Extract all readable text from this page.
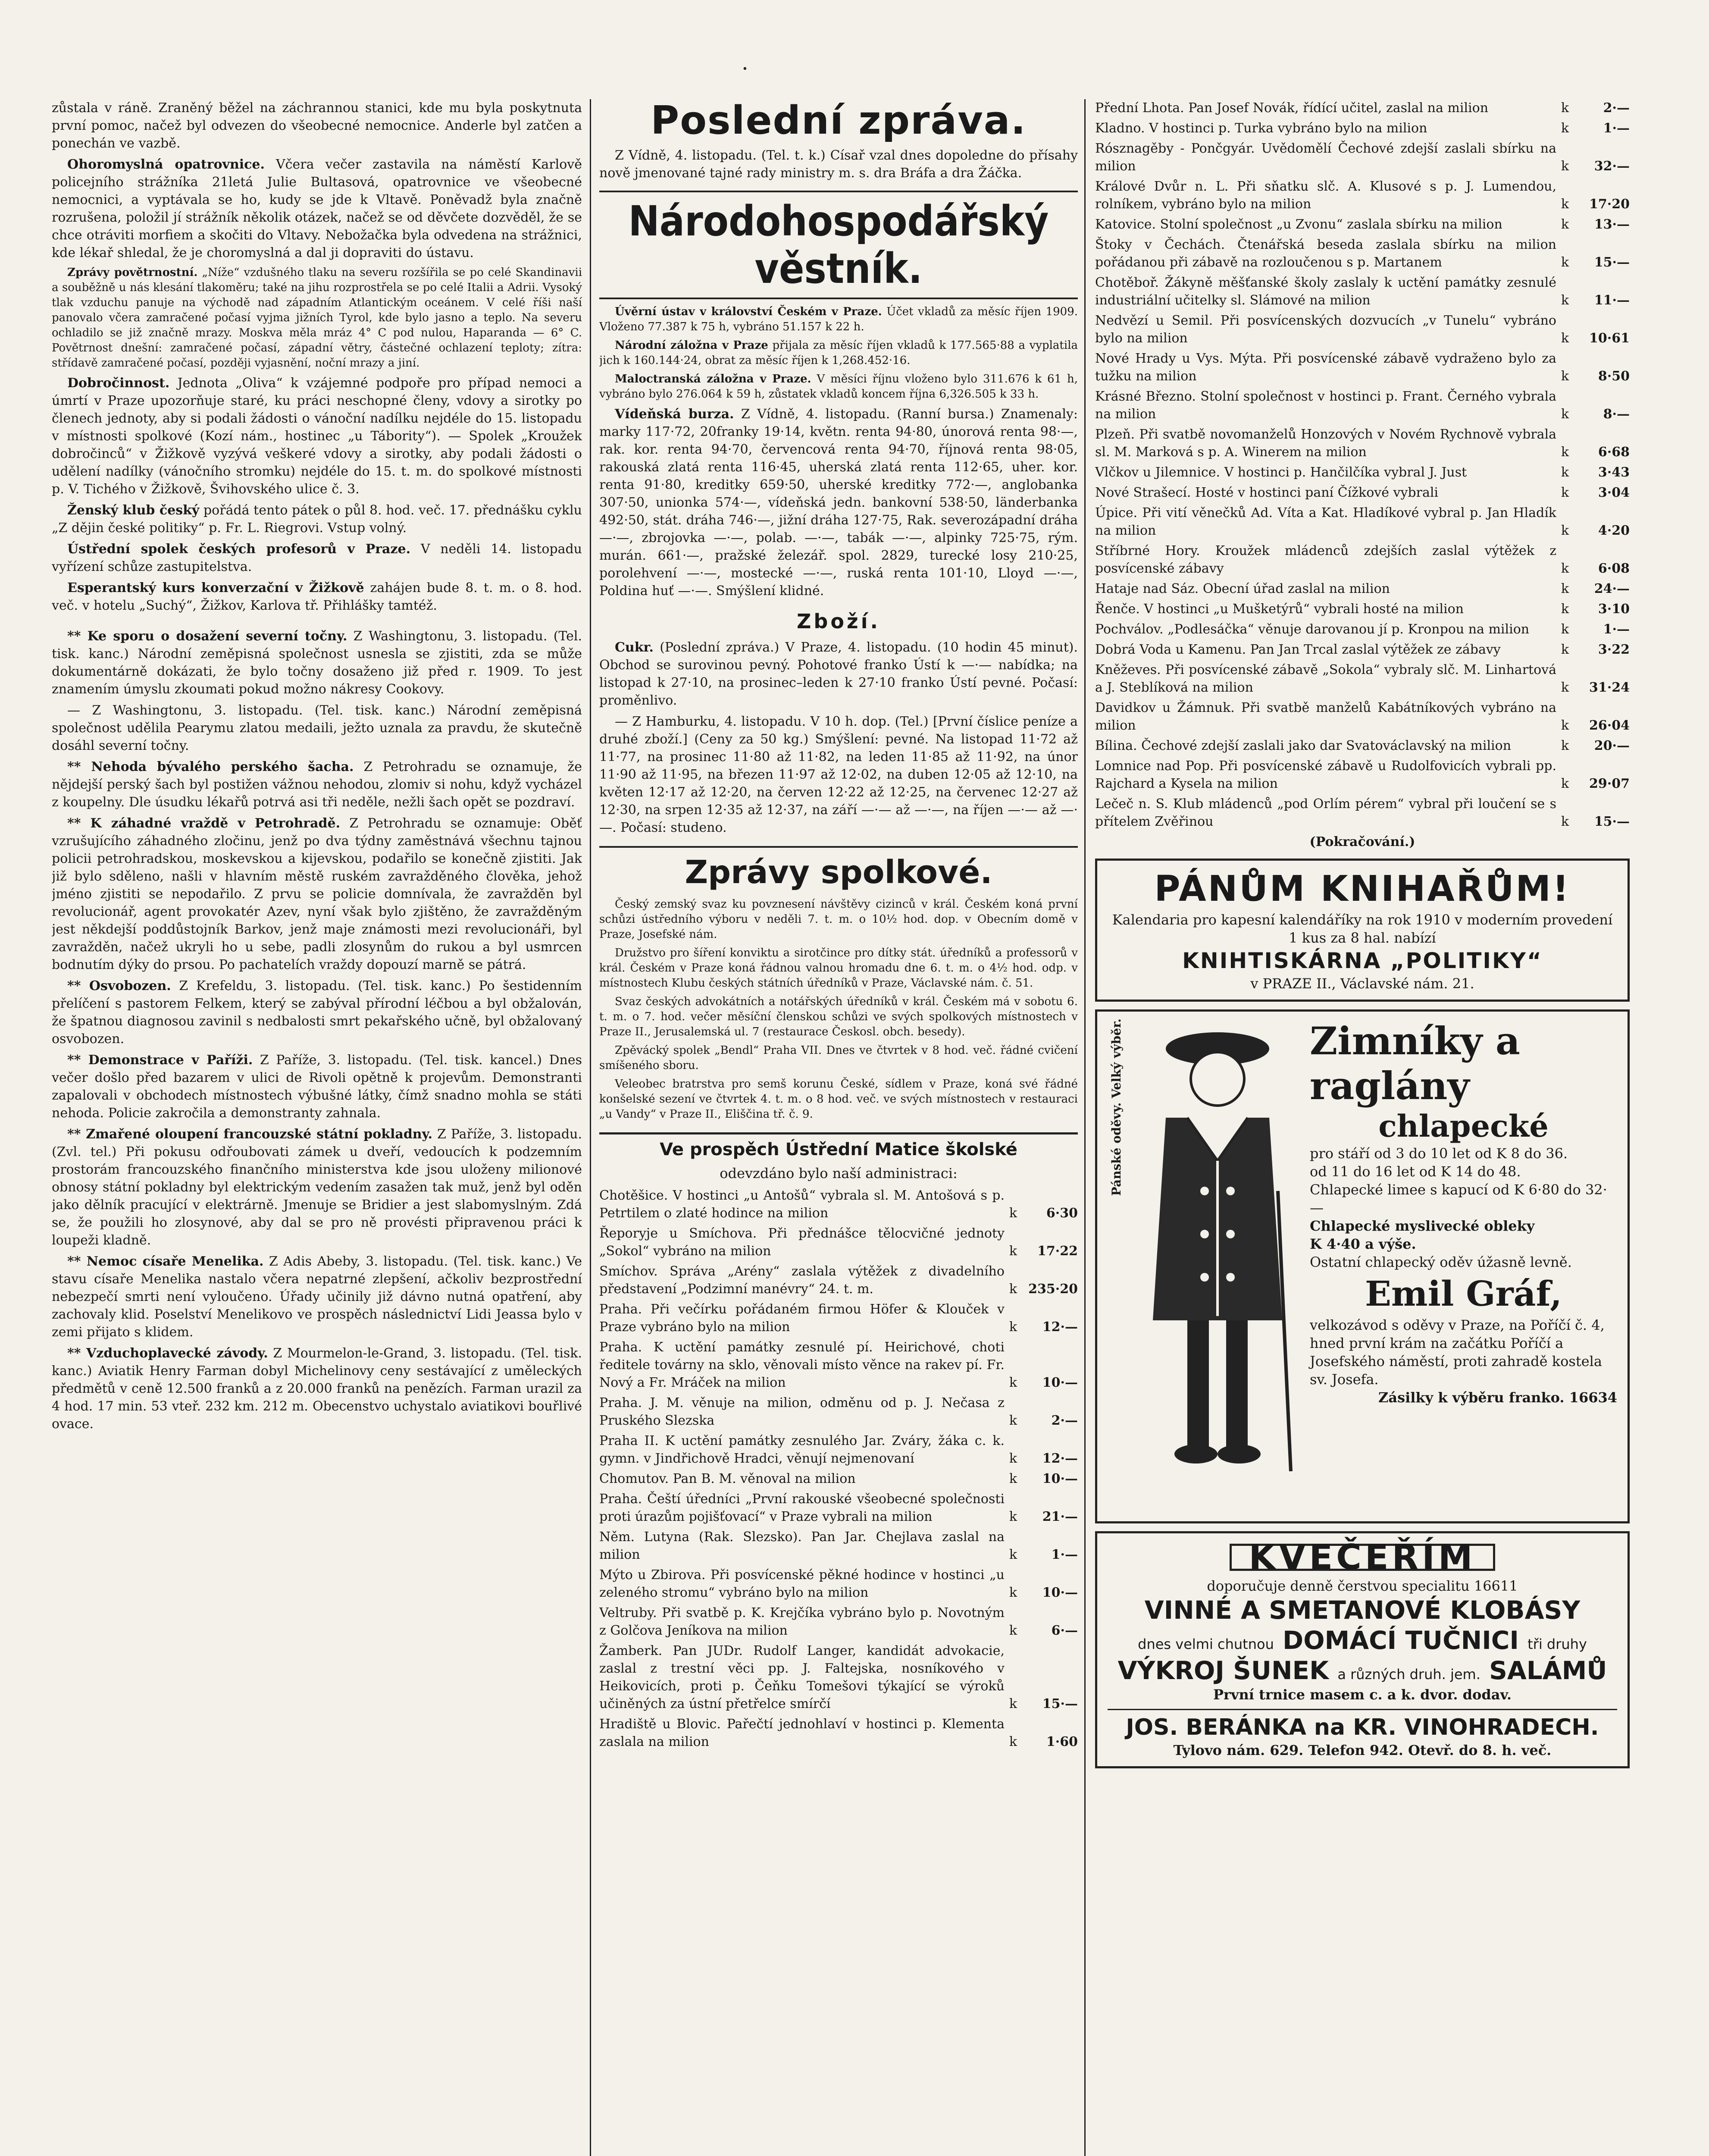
zůstala v ráně. Zraněný běžel na záchrannou stanici, kde mu byla poskytnuta první pomoc, načež byl odvezen do všeobecné nemocnice. Anderle byl zatčen a ponechán ve vazbě.

Ohoromyslná opatrovnice. Včera večer zastavila na náměstí Karlově policejního strážníka 21letá Julie Bultasová, opatrovnice ve všeobecné nemocnici, a vyptávala se ho, kudy se jde k Vltavě. Poněvadž byla značně rozrušena, položil jí strážník několik otázek, načež se od děvčete dozvěděl, že se chce otráviti morfiem a skočiti do Vltavy. Nebožačka byla odvedena na strážnici, kde lékař shledal, že je choromyslná a dal ji dopraviti do ústavu.

Zprávy povětrnostní. „Níže“ vzdušného tlaku na severu rozšířila se po celé Skandinavii a souběžně u nás klesání tlakoměru; také na jihu rozprostřela se po celé Italii a Adrii. Vysoký tlak vzduchu panuje na východě nad západním Atlantickým oceánem. V celé říši naší panovalo včera zamračené počasí vyjma jižních Tyrol, kde bylo jasno a teplo. Na severu ochladilo se již značně mrazy. Moskva měla mráz 4° C pod nulou, Haparanda — 6° C. Povětrnost dnešní: zamračené počasí, západní větry, částečné ochlazení teploty; zítra: střídavě zamračené počasí, později vyjasnění, noční mrazy a jiní.

Dobročinnost. Jednota „Oliva“ k vzájemné podpoře pro případ nemoci a úmrtí v Praze upozorňuje staré, ku práci neschopné členy, vdovy a sirotky po členech jednoty, aby si podali žádosti o vánoční nadílku nejdéle do 15. listopadu v místnosti spolkové (Kozí nám., hostinec „u Tábority“). — Spolek „Kroužek dobročinců“ v Žižkově vyzývá veškeré vdovy a sirotky, aby podali žádosti o udělení nadílky (vánočního stromku) nejdéle do 15. t. m. do spolkové místnosti p. V. Tichého v Žižkově, Švihovského ulice č. 3.

Ženský klub český pořádá tento pátek o půl 8. hod. več. 17. přednášku cyklu „Z dějin české politiky“ p. Fr. L. Riegrovi. Vstup volný.

Ústřední spolek českých profesorů v Praze. V neděli 14. listopadu vyřízení schůze zastupitelstva.

Esperantský kurs konverzační v Žižkově zahájen bude 8. t. m. o 8. hod. več. v hotelu „Suchý“, Žižkov, Karlova tř. Přihlášky tamtéž.

** Ke sporu o dosažení severní točny. Z Washingtonu, 3. listopadu. (Tel. tisk. kanc.) Národní zeměpisná společnost usnesla se zjistiti, zda se může dokumentárně dokázati, že bylo točny dosaženo již před r. 1909. To jest znamením úmyslu zkoumati pokud možno nákresy Cookovy.

— Z Washingtonu, 3. listopadu. (Tel. tisk. kanc.) Národní zeměpisná společnost udělila Pearymu zlatou medaili, ježto uznala za pravdu, že skutečně dosáhl severní točny.

** Nehoda bývalého perského šacha. Z Petrohradu se oznamuje, že nějdejší perský šach byl postižen vážnou nehodou, zlomiv si nohu, když vycházel z koupelny. Dle úsudku lékařů potrvá asi tři neděle, nežli šach opět se pozdraví.

** K záhadné vraždě v Petrohradě. Z Petrohradu se oznamuje: Oběť vzrušujícího záhadného zločinu, jenž po dva týdny zaměstnává všechnu tajnou policii petrohradskou, moskevskou a kijevskou, podařilo se konečně zjistiti. Jak již bylo sděleno, našli v hlavním městě ruském zavražděného člověka, jehož jméno zjistiti se nepodařilo. Z prvu se policie domnívala, že zavražděn byl revolucionář, agent provokatér Azev, nyní však bylo zjištěno, že zavražděným jest někdejší poddůstojník Barkov, jenž maje známosti mezi revolucionáři, byl zavražděn, načež ukryli ho u sebe, padli zlosynům do rukou a byl usmrcen bodnutím dýky do prsou. Po pachatelích vraždy dopouzí marně se pátrá.

** Osvobozen. Z Krefeldu, 3. listopadu. (Tel. tisk. kanc.) Po šestidenním přelíčení s pastorem Felkem, který se zabýval přírodní léčbou a byl obžalován, že špatnou diagnosou zavinil s nedbalosti smrt pekařského učně, byl obžalovaný osvobozen.

** Demonstrace v Paříži. Z Paříže, 3. listopadu. (Tel. tisk. kancel.) Dnes večer došlo před bazarem v ulici de Rivoli opětně k projevům. Demonstranti zapalovali v obchodech místnostech výbušné látky, čímž snadno mohla se státi nehoda. Policie zakročila a demonstranty zahnala.

** Zmařené oloupení francouzské státní pokladny. Z Paříže, 3. listopadu. (Zvl. tel.) Při pokusu odřoubovati zámek u dveří, vedoucích k podzemním prostorám francouzského finančního ministerstva kde jsou uloženy milionové obnosy státní pokladny byl elektrickým vedením zasažen tak muž, jenž byl oděn jako dělník pracující v elektrárně. Jmenuje se Bridier a jest slabomyslným. Zdá se, že použili ho zlosynové, aby dal se pro ně provésti připravenou práci k loupeži kladně.

** Nemoc císaře Menelika. Z Adis Abeby, 3. listopadu. (Tel. tisk. kanc.) Ve stavu císaře Menelika nastalo včera nepatrné zlepšení, ačkoliv bezprostřední nebezpečí smrti není vyloučeno. Úřady učinily již dávno nutná opatření, aby zachovaly klid. Poselství Menelikovo ve prospěch následnictví Lidi Jeassa bylo v zemi přijato s klidem.

** Vzduchoplavecké závody. Z Mourmelon-le-Grand, 3. listopadu. (Tel. tisk. kanc.) Aviatik Henry Farman dobyl Michelinovy ceny sestávající z uměleckých předmětů v ceně 12.500 franků a z 20.000 franků na penězích. Farman urazil za 4 hod. 17 min. 53 vteř. 232 km. 212 m. Obecenstvo uchystalo aviatikovi bouřlivé ovace.

Poslední zpráva.

Z Vídně, 4. listopadu. (Tel. t. k.) Císař vzal dnes dopoledne do přísahy nově jmenované tajné rady ministry m. s. dra Bráfa a dra Žáčka.

Národohospodářský věstník.

Úvěrní ústav v království Českém v Praze. Účet vkladů za měsíc říjen 1909. Vloženo 77.387 k 75 h, vybráno 51.157 k 22 h.

Národní záložna v Praze přijala za měsíc říjen vkladů k 177.565·88 a vyplatila jich k 160.144·24, obrat za měsíc říjen k 1,268.452·16.

Maloctranská záložna v Praze. V měsíci říjnu vloženo bylo 311.676 k 61 h, vybráno bylo 276.064 k 59 h, zůstatek vkladů koncem října 6,326.505 k 33 h.

Vídeňská burza. Z Vídně, 4. listopadu. (Ranní bursa.) Znamenaly: marky 117·72, 20franky 19·14, květn. renta 94·80, únorová renta 98·—, rak. kor. renta 94·70, červencová renta 94·70, říjnová renta 98·05, rakouská zlatá renta 116·45, uherská zlatá renta 112·65, uher. kor. renta 91·80, kreditky 659·50, uherské kreditky 772·—, anglobanka 307·50, unionka 574·—, vídeňská jedn. bankovní 538·50, länderbanka 492·50, stát. dráha 746·—, jižní dráha 127·75, Rak. severozápadní dráha —·—, zbrojovka —·—, polab. —·—, tabák —·—, alpinky 725·75, rým. murán. 661·—, pražské železář. spol. 2829, turecké losy 210·25, porolehvení —·—, mostecké —·—, ruská renta 101·10, Lloyd —·—, Poldina huť —·—. Smýšlení klidné.

Zboží.

Cukr. (Poslední zpráva.) V Praze, 4. listopadu. (10 hodin 45 minut). Obchod se surovinou pevný. Pohotové franko Ústí k —·— nabídka; na listopad k 27·10, na prosinec–leden k 27·10 franko Ústí pevné. Počasí: proměnlivo.

— Z Hamburku, 4. listopadu. V 10 h. dop. (Tel.) [První číslice peníze a druhé zboží.] (Ceny za 50 kg.) Smýšlení: pevné. Na listopad 11·72 až 11·77, na prosinec 11·80 až 11·82, na leden 11·85 až 11·92, na únor 11·90 až 11·95, na březen 11·97 až 12·02, na duben 12·05 až 12·10, na květen 12·17 až 12·20, na červen 12·22 až 12·25, na červenec 12·27 až 12·30, na srpen 12·35 až 12·37, na září —·— až —·—, na říjen —·— až —·—. Počasí: studeno.

Zprávy spolkové.

Český zemský svaz ku povznesení návštěvy cizinců v král. Českém koná první schůzi ústředního výboru v neděli 7. t. m. o 10½ hod. dop. v Obecním domě v Praze, Josefské nám.

Družstvo pro šíření konviktu a sirotčince pro dítky stát. úředníků a professorů v král. Českém v Praze koná řádnou valnou hromadu dne 6. t. m. o 4½ hod. odp. v místnostech Klubu českých státních úředníků v Praze, Václavské nám. č. 51.

Svaz českých advokátních a notářských úředníků v král. Českém má v sobotu 6. t. m. o 7. hod. večer měsíční členskou schůzi ve svých spolkových místnostech v Praze II., Jerusalemská ul. 7 (restaurace Českosl. obch. besedy).

Zpěvácký spolek „Bendl“ Praha VII. Dnes ve čtvrtek v 8 hod. več. řádné cvičení smíšeného sboru.

Veleobec bratrstva pro semš korunu České, sídlem v Praze, koná své řádné konšelské sezení ve čtvrtek 4. t. m. o 8 hod. več. ve svých místnostech v restauraci „u Vandy“ v Praze II., Eliščina tř. č. 9.

Ve prospěch Ústřední Matice školské
odevzdáno bylo naší administraci:
Chotěšice. V hostinci „u Antošů“ vybrala sl. M. Antošová s p. Petrtilem o zlaté hodince na milion	k	6·30
Řeporyje u Smíchova. Při přednášce tělocvičné jednoty „Sokol“ vybráno na milion	k	17·22
Smíchov. Správa „Arény“ zaslala výtěžek z divadelního představení „Podzimní manévry“ 24. t. m.	k 235·20
Praha. Při večírku pořádaném firmou Höfer & Klouček v Praze vybráno bylo na milion	k	12·—
Praha. K uctění památky zesnulé pí. Heirichové, choti ředitele továrny na sklo, věnovali místo věnce na rakev pí. Fr. Nový a Fr. Mráček na milion	k	10·—
Praha. J. M. věnuje na milion, odměnu od p. J. Nečasa z Pruského Slezska	k	2·—
Praha II. K uctění památky zesnulého Jar. Zváry, žáka c. k. gymn. v Jindřichově Hradci, věnují nejmenovaní	k	12·—
Chomutov. Pan B. M. věnoval na milion	k	10·—
Praha. Čeští úředníci „První rakouské všeobecné společnosti proti úrazům pojišťovací“ v Praze vybrali na milion	k	21·—
Něm. Lutyna (Rak. Slezsko). Pan Jar. Chejlava zaslal na milion	k	1·—
Mýto u Zbirova. Při posvícenské pěkné hodince v hostinci „u zeleného stromu“ vybráno bylo na milion	k	10·—
Veltruby. Při svatbě p. K. Krejčíka vybráno bylo p. Novotným z Golčova Jeníkova na milion	k	6·—
Žamberk. Pan JUDr. Rudolf Langer, kandidát advokacie, zaslal z trestní věci pp. J. Faltejska, nosníkového v Heikovicích, proti p. Čeňku Tomešovi týkající se výroků učiněných za ústní přetřelce smírčí	k	15·—
Hradiště u Blovic. Pařečtí jednohlaví v hostinci p. Klementa zaslala na milion	k	1·60
Přední Lhota. Pan Josef Novák, řídící učitel, zaslal na milion	k	2·—
Kladno. V hostinci p. Turka vybráno bylo na milion	k	1·—
Rósznagěby - Pončgyár. Uvědomělí Čechové zdejší zaslali sbírku na milion	k	32·—
Králové Dvůr n. L. Při sňatku slč. A. Klusové s p. J. Lumendou, rolníkem, vybráno bylo na milion	k	17·20
Katovice. Stolní společnost „u Zvonu“ zaslala sbírku na milion	k	13·—
Štoky v Čechách. Čtenářská beseda zaslala sbírku na milion pořádanou při zábavě na rozloučenou s p. Martanem	k	15·—
Chotěboř. Žákyně měšťanské školy zaslaly k uctění památky zesnulé industriální učitelky sl. Slámové na milion	k	11·—
Nedvězí u Semil. Při posvícenských dozvucích „v Tunelu“ vybráno bylo na milion	k	10·61
Nové Hrady u Vys. Mýta. Při posvícenské zábavě vydraženo bylo za tužku na milion	k	8·50
Krásné Březno. Stolní společnost v hostinci p. Frant. Černého vybrala na milion	k	8·—
Plzeň. Při svatbě novomanželů Honzových v Novém Rychnově vybrala sl. M. Marková s p. A. Winerem na milion	k	6·68
Vlčkov u Jilemnice. V hostinci p. Hančilčíka vybral J. Just	k	3·43
Nové Strašecí. Hosté v hostinci paní Čížkové vybrali	k	3·04
Úpice. Při vití věnečků Ad. Víta a Kat. Hladíkové vybral p. Jan Hladík na milion	k	4·20
Stříbrné Hory. Kroužek mládenců zdejších zaslal výtěžek z posvícenské zábavy	k	6·08
Hataje nad Sáz. Obecní úřad zaslal na milion	k	24·—
Řenče. V hostinci „u Mušketýrů“ vybrali hosté na milion	k	3·10
Pochválov. „Podlesáčka“ věnuje darovanou jí p. Kronpou na milion	k	1·—
Dobrá Voda u Kamenu. Pan Jan Trcal zaslal výtěžek ze zábavy	k	3·22
Kněževes. Při posvícenské zábavě „Sokola“ vybraly slč. M. Linhartová a J. Steblíková na milion	k	31·24
Davidkov u Žámnuk. Při svatbě manželů Kabátníkových vybráno na milion	k	26·04
Bílina. Čechové zdejší zaslali jako dar Svatováclavský na milion	k	20·—
Lomnice nad Pop. Při posvícenské zábavě u Rudolfovicích vybrali pp. Rajchard a Kysela na milion	k	29·07
Lečeč n. S. Klub mládenců „pod Orlím pérem“ vybral při loučení se s přítelem Zvěřinou	k	15·—
(Pokračování.)
PÁNŮM KNIHAŘŮM!
Kalendaria pro kapesní kalendáříky na rok 1910 v moderním provedení 1 kus za 8 hal. nabízí
KNIHTISKÁRNA „POLITIKY“
v PRAZE II., Václavské nám. 21.
Pánské oděvy. Velký výběr.	Zimníky a raglány
chlapecké
pro stáří od 3 do 10 let od K 8 do 36.
od 11 do 16 let od K 14 do 48.
Chlapecké limee s kapucí od K 6·80 do 32·—
Chlapecké myslivecké obleky
K 4·40 a výše.
Ostatní chlapecký oděv úžasně levně.
Emil Gráf,
velkozávod s oděvy v Praze, na Poříčí č. 4, hned první krám na začátku Poříčí a Josefského náměstí, proti zahradě kostela sv. Josefa.
Zásilky k výběru franko. 16634
KVEČEŘÍM
doporučuje denně čerstvou specialitu 16611
VINNÉ A SMETANOVÉ KLOBÁSY
dnes velmi chutnou DOMÁCÍ TUČNICI tři druhy
VÝKROJ ŠUNEK a různých druh. jem. SALÁMŮ
První trnice masem c. a k. dvor. dodav.
JOS. BERÁNKA na KR. VINOHRADECH.
Tylovo nám. 629. Telefon 942. Otevř. do 8. h. več.
·
